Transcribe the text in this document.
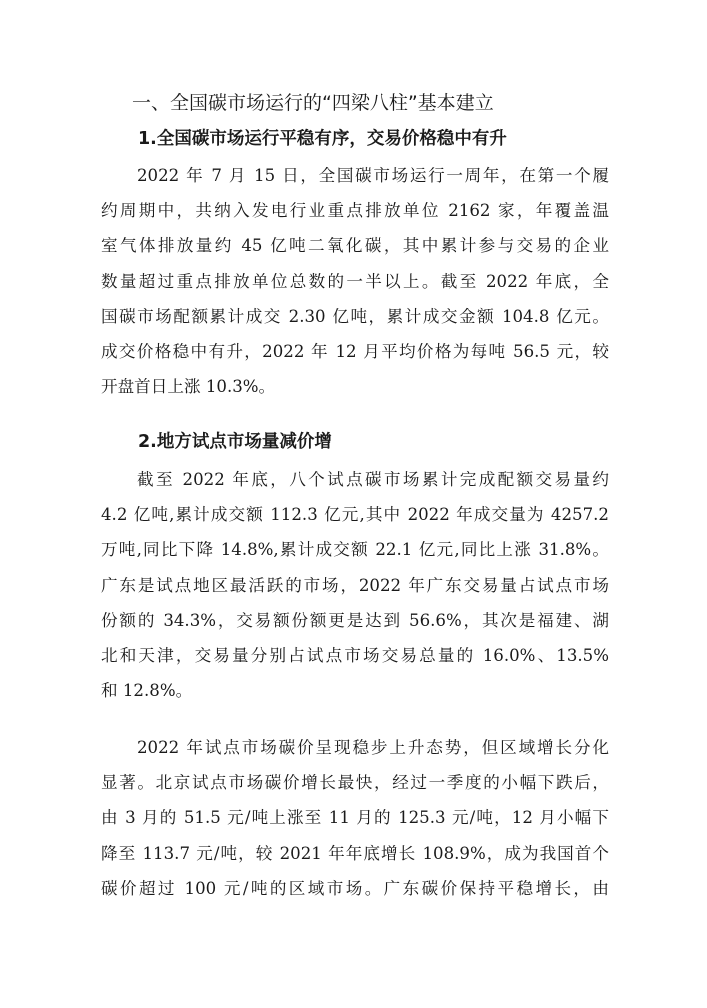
一、全国碳市场运行的“四梁八柱”基本建立
1.全国碳市场运行平稳有序，交易价格稳中有升
2022 年 7 月 15 日，全国碳市场运行一周年，在第一个履
约周期中，共纳入发电行业重点排放单位 2162 家，年覆盖温
室气体排放量约 45 亿吨二氧化碳，其中累计参与交易的企业
数量超过重点排放单位总数的一半以上。截至 2022 年底，全
国碳市场配额累计成交 2.30 亿吨，累计成交金额 104.8 亿元。
成交价格稳中有升，2022 年 12 月平均价格为每吨 56.5 元，较
开盘首日上涨 10.3%。
2.地方试点市场量减价增
截至 2022 年底，八个试点碳市场累计完成配额交易量约
4.2 亿吨,累计成交额 112.3 亿元,其中 2022 年成交量为 4257.2
万吨,同比下降 14.8%,累计成交额 22.1 亿元,同比上涨 31.8%。
广东是试点地区最活跃的市场，2022 年广东交易量占试点市场
份额的 34.3%，交易额份额更是达到 56.6%，其次是福建、湖
北和天津，交易量分别占试点市场交易总量的 16.0%、13.5%
和 12.8%。
2022 年试点市场碳价呈现稳步上升态势，但区域增长分化
显著。北京试点市场碳价增长最快，经过一季度的小幅下跌后，
由 3 月的 51.5 元/吨上涨至 11 月的 125.3 元/吨，12 月小幅下
降至 113.7 元/吨，较 2021 年年底增长 108.9%，成为我国首个
碳价超过 100 元/吨的区域市场。广东碳价保持平稳增长，由
